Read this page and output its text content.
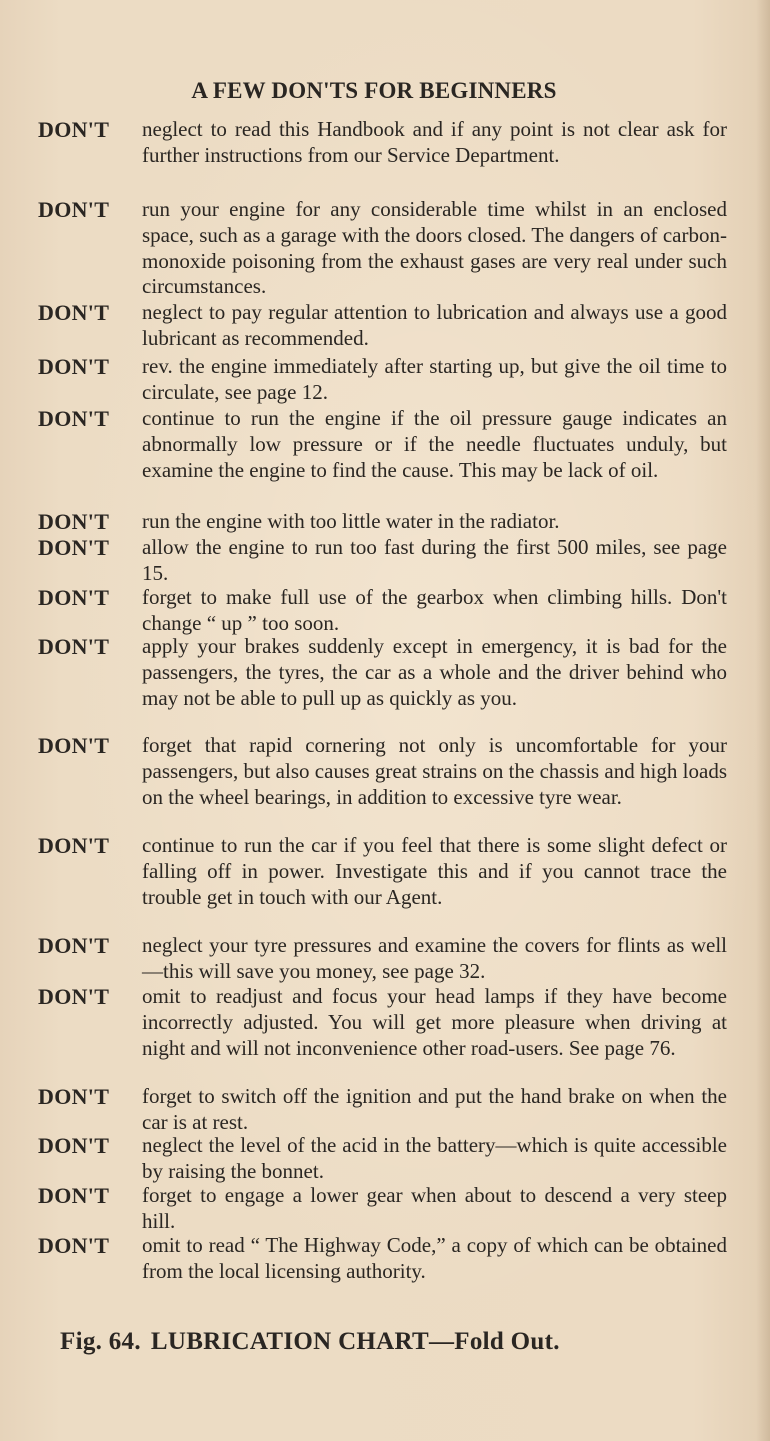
A FEW DON'TS FOR BEGINNERS
DON'T	neglect to read this Handbook and if any point is not clear ask for further instructions from our Service Department.
DON'T	run your engine for any considerable time whilst in an enclosed space, such as a garage with the doors closed. The dangers of carbon-monoxide poisoning from the exhaust gases are very real under such circumstances.
DON'T	neglect to pay regular attention to lubrication and always use a good lubricant as recommended.
DON'T	rev. the engine immediately after starting up, but give the oil time to circulate, see page 12.
DON'T	continue to run the engine if the oil pressure gauge indicates an abnormally low pressure or if the needle fluctuates unduly, but examine the engine to find the cause. This may be lack of oil.
DON'T	run the engine with too little water in the radiator.
DON'T	allow the engine to run too fast during the first 500 miles, see page 15.
DON'T	forget to make full use of the gearbox when climbing hills. Don't change “ up ” too soon.
DON'T	apply your brakes suddenly except in emergency, it is bad for the passengers, the tyres, the car as a whole and the driver behind who may not be able to pull up as quickly as you.
DON'T	forget that rapid cornering not only is uncomfortable for your passengers, but also causes great strains on the chassis and high loads on the wheel bearings, in addition to excessive tyre wear.
DON'T	continue to run the car if you feel that there is some slight defect or falling off in power. Investigate this and if you cannot trace the trouble get in touch with our Agent.
DON'T	neglect your tyre pressures and examine the covers for flints as well—this will save you money, see page 32.
DON'T	omit to readjust and focus your head lamps if they have become incorrectly adjusted. You will get more pleasure when driving at night and will not inconvenience other road-users. See page 76.
DON'T	forget to switch off the ignition and put the hand brake on when the car is at rest.
DON'T	neglect the level of the acid in the battery—which is quite accessible by raising the bonnet.
DON'T	forget to engage a lower gear when about to descend a very steep hill.
DON'T	omit to read “ The Highway Code,” a copy of which can be obtained from the local licensing authority.
Fig. 64. LUBRICATION CHART—Fold Out.
